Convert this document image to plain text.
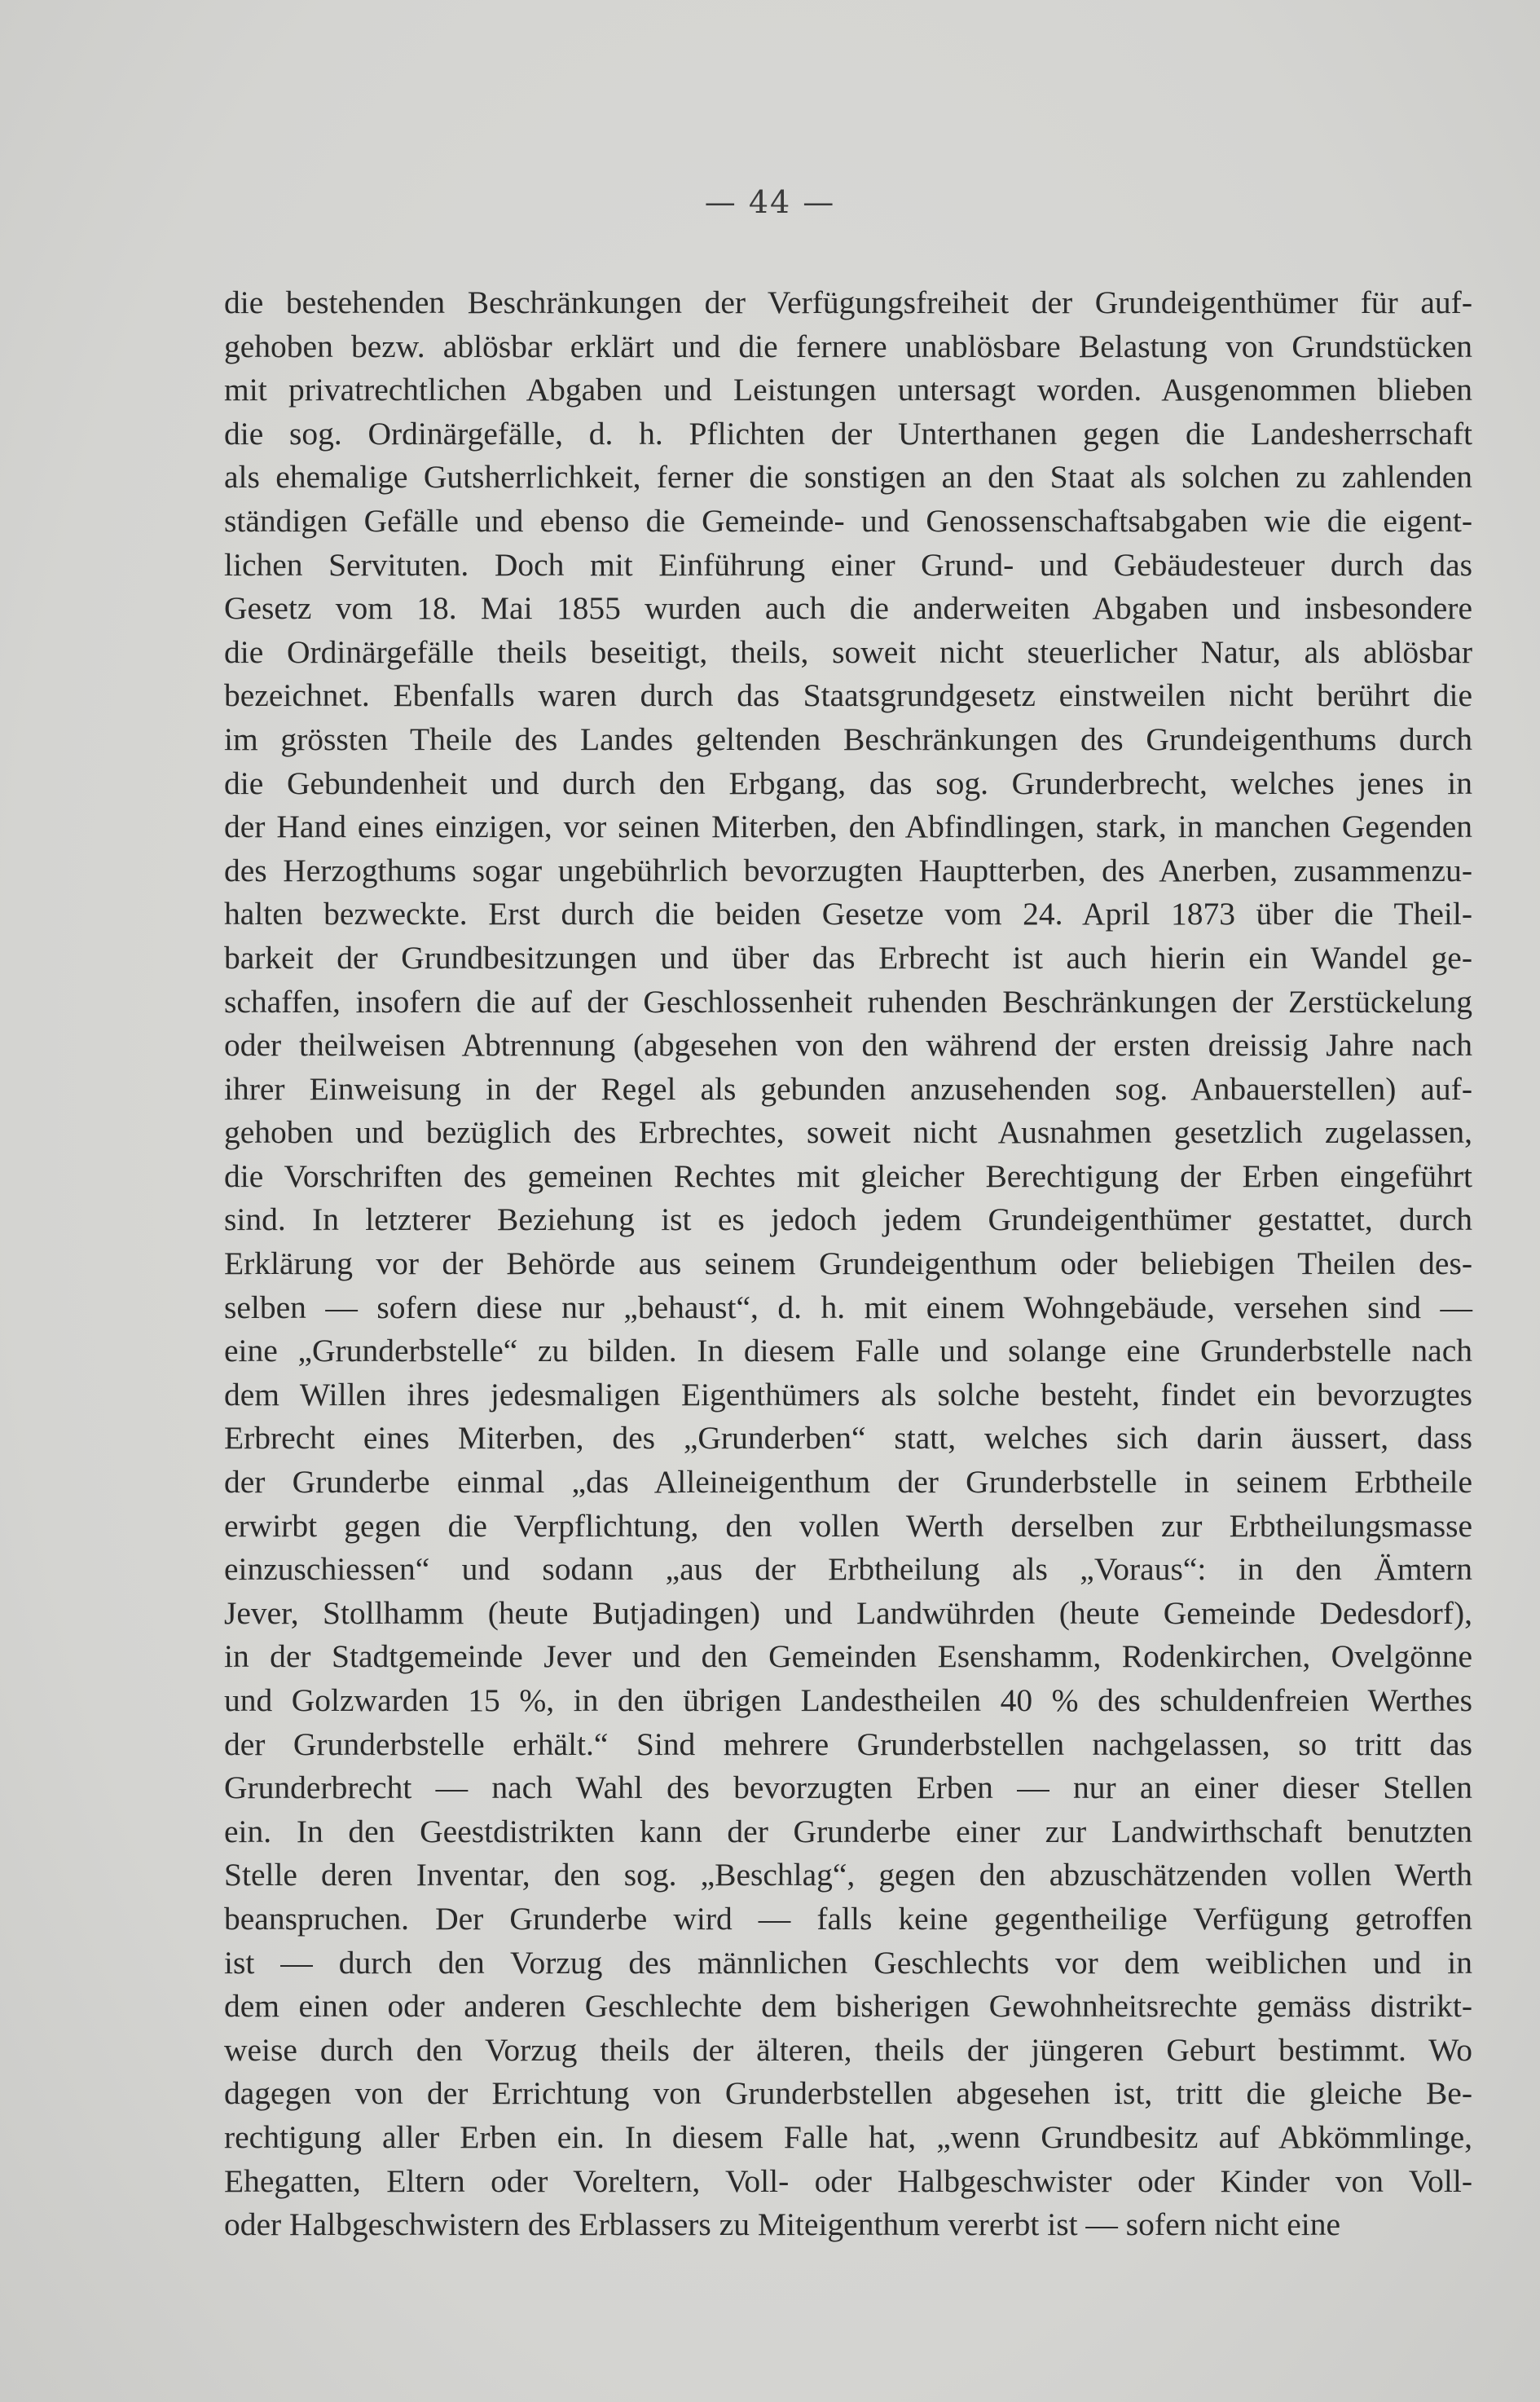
— 44 —
die bestehenden Beschränkungen der Verfügungsfreiheit der Grundeigenthümer für auf-
gehoben bezw. ablösbar erklärt und die fernere unablösbare Belastung von Grundstücken
mit privatrechtlichen Abgaben und Leistungen untersagt worden. Ausgenommen blieben
die sog. Ordinärgefälle, d. h. Pflichten der Unterthanen gegen die Landesherrschaft
als ehemalige Gutsherrlichkeit, ferner die sonstigen an den Staat als solchen zu zahlenden
ständigen Gefälle und ebenso die Gemeinde- und Genossenschaftsabgaben wie die eigent-
lichen Servituten. Doch mit Einführung einer Grund- und Gebäudesteuer durch das
Gesetz vom 18. Mai 1855 wurden auch die anderweiten Abgaben und insbesondere
die Ordinärgefälle theils beseitigt, theils, soweit nicht steuerlicher Natur, als ablösbar
bezeichnet. Ebenfalls waren durch das Staatsgrundgesetz einstweilen nicht berührt die
im grössten Theile des Landes geltenden Beschränkungen des Grundeigenthums durch
die Gebundenheit und durch den Erbgang, das sog. Grunderbrecht, welches jenes in
der Hand eines einzigen, vor seinen Miterben, den Abfindlingen, stark, in manchen Gegenden
des Herzogthums sogar ungebührlich bevorzugten Hauptterben, des Anerben, zusammenzu-
halten bezweckte. Erst durch die beiden Gesetze vom 24. April 1873 über die Theil-
barkeit der Grundbesitzungen und über das Erbrecht ist auch hierin ein Wandel ge-
schaffen, insofern die auf der Geschlossenheit ruhenden Beschränkungen der Zerstückelung
oder theilweisen Abtrennung (abgesehen von den während der ersten dreissig Jahre nach
ihrer Einweisung in der Regel als gebunden anzusehenden sog. Anbauerstellen) auf-
gehoben und bezüglich des Erbrechtes, soweit nicht Ausnahmen gesetzlich zugelassen,
die Vorschriften des gemeinen Rechtes mit gleicher Berechtigung der Erben eingeführt
sind. In letzterer Beziehung ist es jedoch jedem Grundeigenthümer gestattet, durch
Erklärung vor der Behörde aus seinem Grundeigenthum oder beliebigen Theilen des-
selben — sofern diese nur „behaust“, d. h. mit einem Wohngebäude, versehen sind —
eine „Grunderbstelle“ zu bilden. In diesem Falle und solange eine Grunderbstelle nach
dem Willen ihres jedesmaligen Eigenthümers als solche besteht, findet ein bevorzugtes
Erbrecht eines Miterben, des „Grunderben“ statt, welches sich darin äussert, dass
der Grunderbe einmal „das Alleineigenthum der Grunderbstelle in seinem Erbtheile
erwirbt gegen die Verpflichtung, den vollen Werth derselben zur Erbtheilungsmasse
einzuschiessen“ und sodann „aus der Erbtheilung als „Voraus“: in den Ämtern
Jever, Stollhamm (heute Butjadingen) und Landwührden (heute Gemeinde Dedesdorf),
in der Stadtgemeinde Jever und den Gemeinden Esenshamm, Rodenkirchen, Ovelgönne
und Golzwarden 15 %, in den übrigen Landestheilen 40 % des schuldenfreien Werthes
der Grunderbstelle erhält.“ Sind mehrere Grunderbstellen nachgelassen, so tritt das
Grunderbrecht — nach Wahl des bevorzugten Erben — nur an einer dieser Stellen
ein. In den Geestdistrikten kann der Grunderbe einer zur Landwirthschaft benutzten
Stelle deren Inventar, den sog. „Beschlag“, gegen den abzuschätzenden vollen Werth
beanspruchen. Der Grunderbe wird — falls keine gegentheilige Verfügung getroffen
ist — durch den Vorzug des männlichen Geschlechts vor dem weiblichen und in
dem einen oder anderen Geschlechte dem bisherigen Gewohnheitsrechte gemäss distrikt-
weise durch den Vorzug theils der älteren, theils der jüngeren Geburt bestimmt. Wo
dagegen von der Errichtung von Grunderbstellen abgesehen ist, tritt die gleiche Be-
rechtigung aller Erben ein. In diesem Falle hat, „wenn Grundbesitz auf Abkömmlinge,
Ehegatten, Eltern oder Voreltern, Voll- oder Halbgeschwister oder Kinder von Voll-
oder Halbgeschwistern des Erblassers zu Miteigenthum vererbt ist — sofern nicht eine
